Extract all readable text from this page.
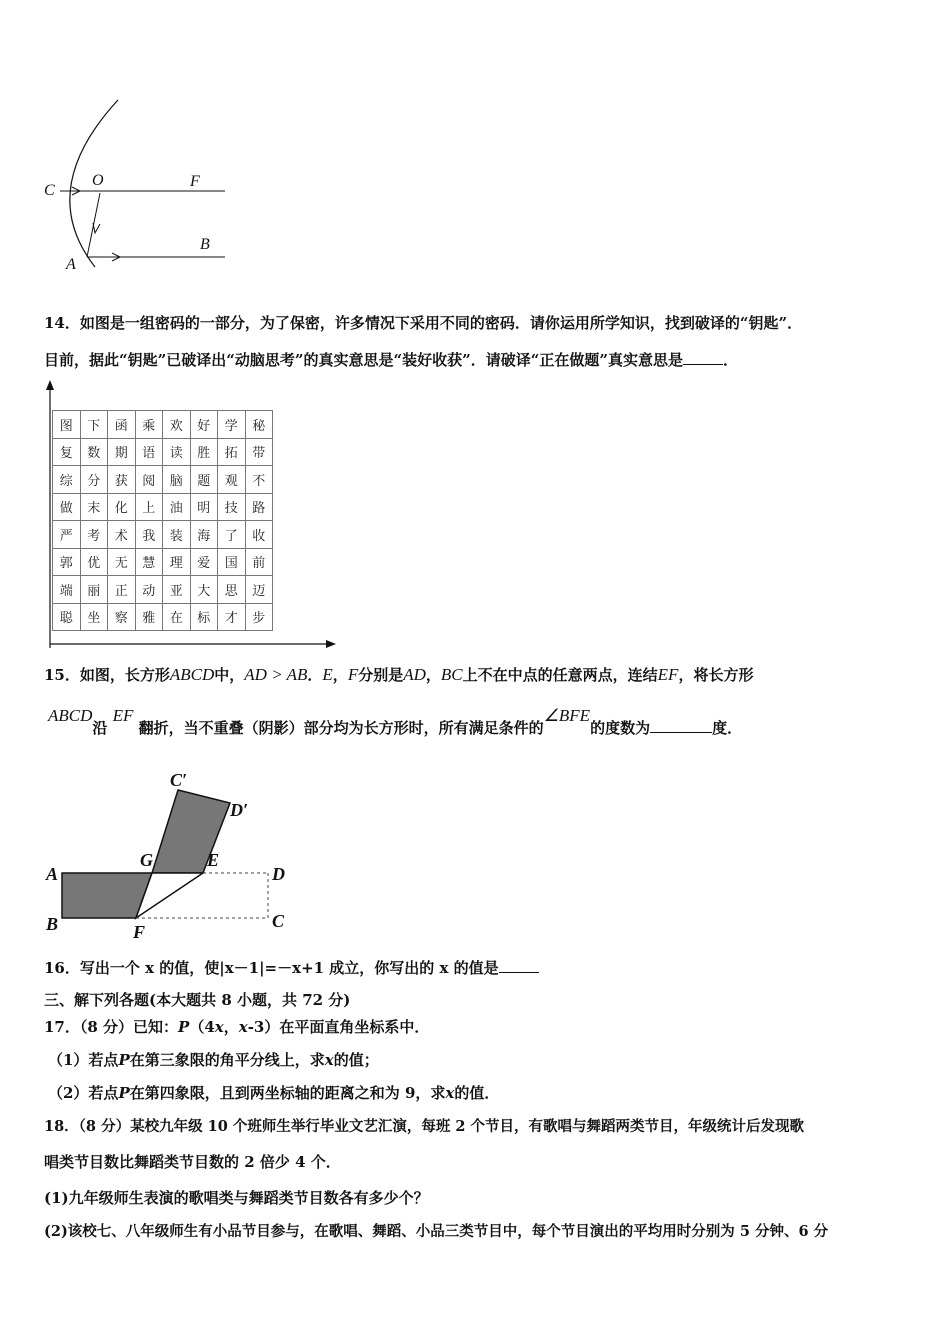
C
O	F
B
A
14．如图是一组密码的一部分，为了保密，许多情况下采用不同的密码．请你运用所学知识，找到破译的“钥匙”．
目前，据此“钥匙”已破译出“动脑思考”的真实意思是“装好收获”．请破译“正在做题”真实意思是	．
图	下	函	乘	欢	好	学	秘
复	数	期	语	读	胜	拓	带
综	分	获	阅	脑	题	观	不
做	末	化	上	油	明	技	路
严	考	术	我	装	海	了	收
郭	优	无	慧	理	爱	国	前
端	丽	正	动	亚	大	思	迈
聪	坐	察	雅	在	标	才	步
15．如图，长方形ABCD中，AD > AB．E，F分别是AD，BC上不在中点的任意两点，连结EF，将长方形
ABCD沿 EF 翻折，当不重叠（阴影）部分均为长方形时，所有满足条件的∠BFE的度数为	度．
C′
D′
G	E
A	D
B	F
C
16．写出一个 x 的值，使|x－1|=－x+1 成立，你写出的 x 的值是
三、解下列各题(本大题共 8 小题，共 72 分)
17．（8 分）已知：P（4x，x-3）在平面直角坐标系中．
（1）若点P在第三象限的角平分线上，求x的值；
（2）若点P在第四象限，且到两坐标轴的距离之和为 9，求x的值．
18．（8 分）某校九年级 10 个班师生举行毕业文艺汇演，每班 2 个节目，有歌唱与舞蹈两类节目，年级统计后发现歌
唱类节目数比舞蹈类节目数的 2 倍少 4 个．
(1)九年级师生表演的歌唱类与舞蹈类节目数各有多少个？
(2)该校七、八年级师生有小品节目参与，在歌唱、舞蹈、小品三类节目中，每个节目演出的平均用时分别为 5 分钟、6 分
